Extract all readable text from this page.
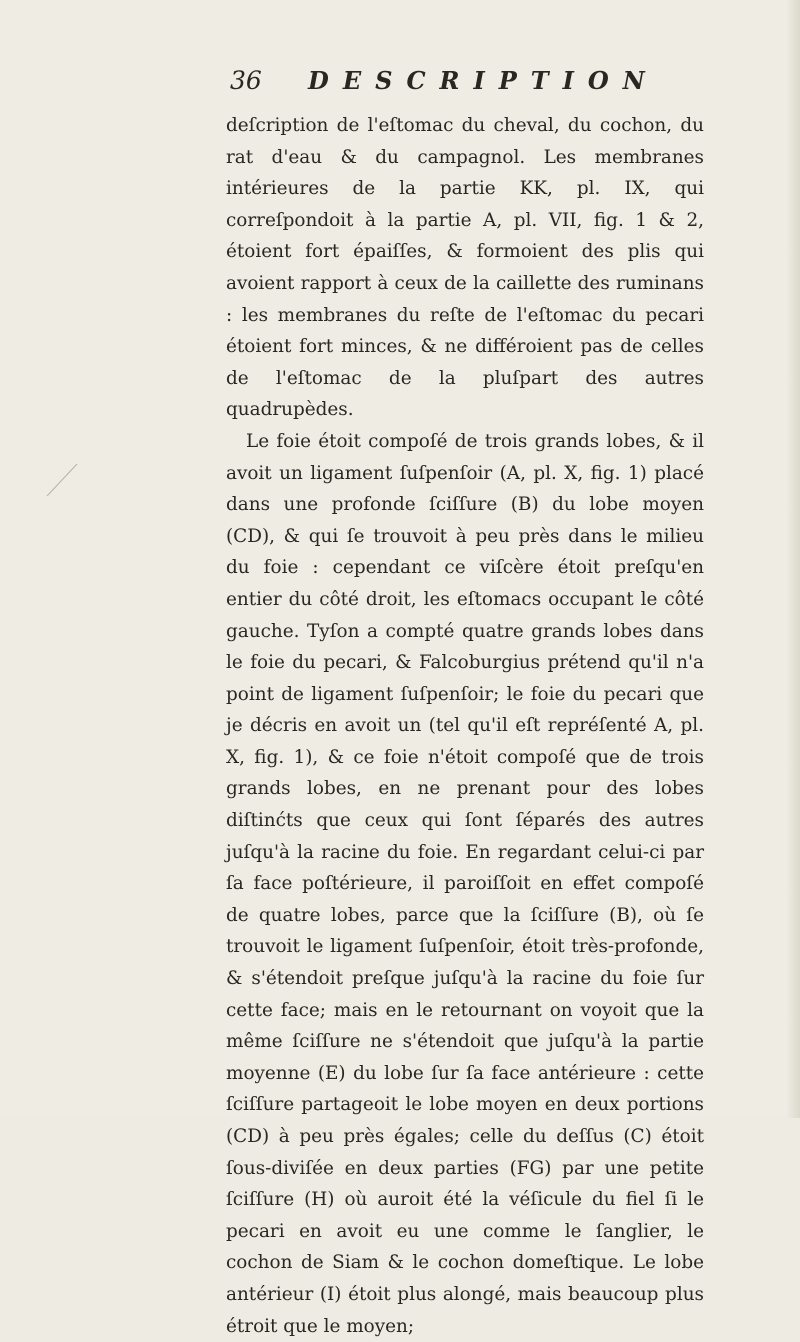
36 DESCRIPTION

deſcription de l'eſtomac du cheval, du cochon, du rat d'eau & du campagnol. Les membranes intérieures de la partie KK, pl. IX, qui correſpondoit à la partie A, pl. VII, fig. 1 & 2, étoient fort épaiſſes, & formoient des plis qui avoient rapport à ceux de la caillette des ruminans : les membranes du reſte de l'eſtomac du pecari étoient fort minces, & ne différoient pas de celles de l'eſtomac de la pluſpart des autres quadrupèdes.

Le foie étoit compoſé de trois grands lobes, & il avoit un ligament ſuſpenſoir (A, pl. X, fig. 1) placé dans une profonde ſciſſure (B) du lobe moyen (CD), & qui ſe trouvoit à peu près dans le milieu du foie : cependant ce viſcère étoit preſqu'en entier du côté droit, les eſtomacs occupant le côté gauche. Tyſon a compté quatre grands lobes dans le foie du pecari, & Falcoburgius prétend qu'il n'a point de ligament ſuſpenſoir; le foie du pecari que je décris en avoit un (tel qu'il eſt repréſenté A, pl. X, fig. 1), & ce foie n'étoit compoſé que de trois grands lobes, en ne prenant pour des lobes diſtinćts que ceux qui ſont ſéparés des autres juſqu'à la racine du foie. En regardant celui-ci par ſa face poſtérieure, il paroiſſoit en effet compoſé de quatre lobes, parce que la ſciſſure (B), où ſe trouvoit le ligament ſuſpenſoir, étoit très-profonde, & s'étendoit preſque juſqu'à la racine du foie ſur cette face; mais en le retournant on voyoit que la même ſciſſure ne s'étendoit que juſqu'à la partie moyenne (E) du lobe ſur ſa face antérieure : cette ſciſſure partageoit le lobe moyen en deux portions (CD) à peu près égales; celle du deſſus (C) étoit ſous-diviſée en deux parties (FG) par une petite ſciſſure (H) où auroit été la véſicule du fiel ſi le pecari en avoit eu une comme le ſanglier, le cochon de Siam & le cochon domeſtique. Le lobe antérieur (I) étoit plus alongé, mais beaucoup plus étroit que le moyen;
